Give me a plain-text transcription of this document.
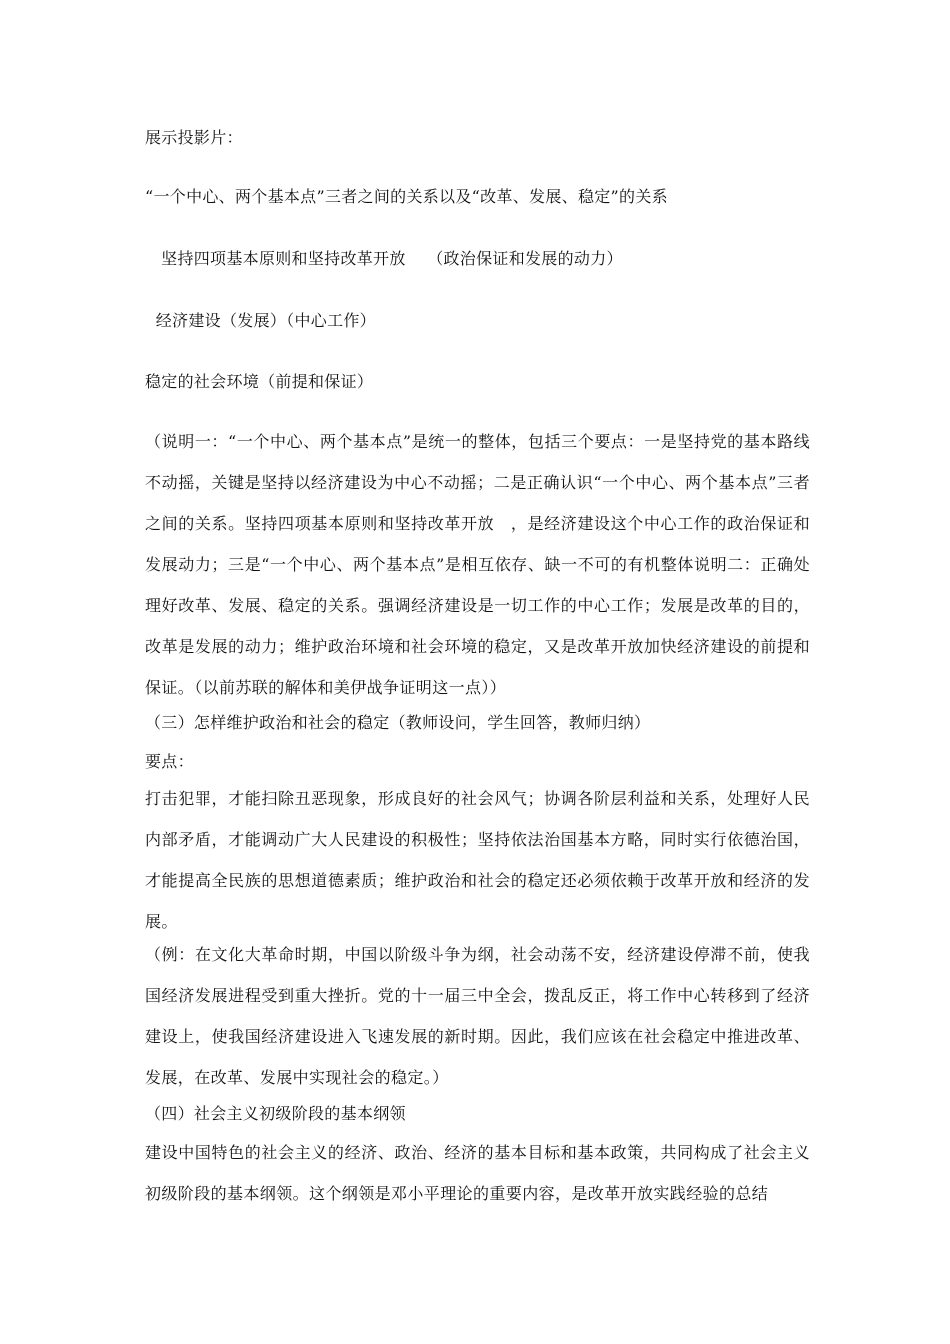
展示投影片：
“一个中心、两个基本点”三者之间的关系以及“改革、发展、稳定”的关系
坚持四项基本原则和坚持改革开放    （政治保证和发展的动力）
经济建设（发展）（中心工作）
稳定的社会环境（前提和保证）
（说明一：“一个中心、两个基本点”是统一的整体，包括三个要点：一是坚持党的基本路线不动摇，关键是坚持以经济建设为中心不动摇；二是正确认识“一个中心、两个基本点”三者之间的关系。坚持四项基本原则和坚持改革开放　，是经济建设这个中心工作的政治保证和发展动力；三是“一个中心、两个基本点”是相互依存、缺一不可的有机整体说明二：正确处理好改革、发展、稳定的关系。强调经济建设是一切工作的中心工作；发展是改革的目的，改革是发展的动力；维护政治环境和社会环境的稳定，又是改革开放加快经济建设的前提和保证。（以前苏联的解体和美伊战争证明这一点））
（三）怎样维护政治和社会的稳定（教师设问，学生回答，教师归纳）
要点：
打击犯罪，才能扫除丑恶现象，形成良好的社会风气；协调各阶层利益和关系，处理好人民内部矛盾，才能调动广大人民建设的积极性；坚持依法治国基本方略，同时实行依德治国，才能提高全民族的思想道德素质；维护政治和社会的稳定还必须依赖于改革开放和经济的发展。
（例：在文化大革命时期，中国以阶级斗争为纲，社会动荡不安，经济建设停滞不前，使我国经济发展进程受到重大挫折。党的十一届三中全会，拨乱反正，将工作中心转移到了经济建设上，使我国经济建设进入飞速发展的新时期。因此，我们应该在社会稳定中推进改革、发展，在改革、发展中实现社会的稳定。）
（四）社会主义初级阶段的基本纲领
建设中国特色的社会主义的经济、政治、经济的基本目标和基本政策，共同构成了社会主义初级阶段的基本纲领。这个纲领是邓小平理论的重要内容，是改革开放实践经验的总结
